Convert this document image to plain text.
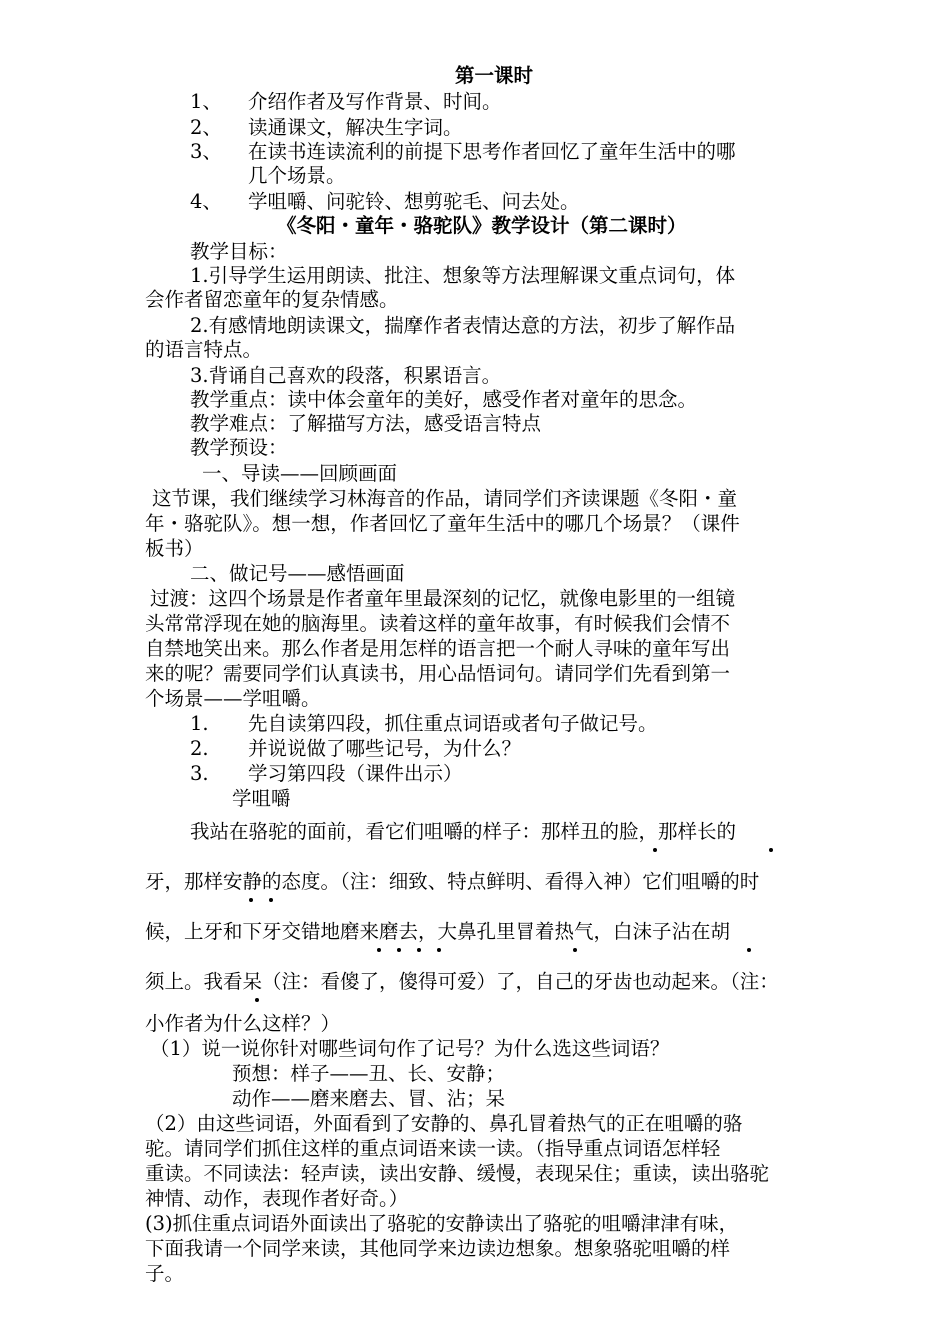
第一课时
1、 介绍作者及写作背景、时间。
2、 读通课文，解决生字词。
3、 在读书连读流利的前提下思考作者回忆了童年生活中的哪
几个场景。
4、 学咀嚼、问驼铃、想剪驼毛、问去处。
《冬阳・童年・骆驼队》教学设计（第二课时）
教学目标：
1.引导学生运用朗读、批注、想象等方法理解课文重点词句，体
会作者留恋童年的复杂情感。
2.有感情地朗读课文，揣摩作者表情达意的方法，初步了解作品
的语言特点。
3.背诵自己喜欢的段落，积累语言。
教学重点：读中体会童年的美好，感受作者对童年的思念。
教学难点：了解描写方法，感受语言特点
教学预设：
一、导读——回顾画面
这节课，我们继续学习林海音的作品，请同学们齐读课题《冬阳・童
年・骆驼队》。想一想，作者回忆了童年生活中的哪几个场景？（课件
板书）
二、做记号——感悟画面
过渡：这四个场景是作者童年里最深刻的记忆，就像电影里的一组镜
头常常浮现在她的脑海里。读着这样的童年故事，有时候我们会情不
自禁地笑出来。那么作者是用怎样的语言把一个耐人寻味的童年写出
来的呢？需要同学们认真读书，用心品悟词句。请同学们先看到第一
个场景——学咀嚼。
1. 先自读第四段，抓住重点词语或者句子做记号。
2. 并说说做了哪些记号，为什么？
3. 学习第四段（课件出示）
学咀嚼
我站在骆驼的面前，看它们咀嚼的样子：那样丑的脸，那样长的
牙，那样安静的态度。（注：细致、特点鲜明、看得入神）它们咀嚼的时
候，上牙和下牙交错地磨来磨去，大鼻孔里冒着热气，白沫子沾在胡
须上。我看呆（注：看傻了，傻得可爱）了，自己的牙齿也动起来。（注：
小作者为什么这样？）
（1）说一说你针对哪些词句作了记号？为什么选这些词语？
预想：样子——丑、长、安静；
动作——磨来磨去、冒、沾；呆
（2）由这些词语，外面看到了安静的、鼻孔冒着热气的正在咀嚼的骆
驼。请同学们抓住这样的重点词语来读一读。（指导重点词语怎样轻
重读。不同读法：轻声读，读出安静、缓慢，表现呆住；重读，读出骆驼
神情、动作，表现作者好奇。）
(3)抓住重点词语外面读出了骆驼的安静读出了骆驼的咀嚼津津有味，
下面我请一个同学来读，其他同学来边读边想象。想象骆驼咀嚼的样
子。
